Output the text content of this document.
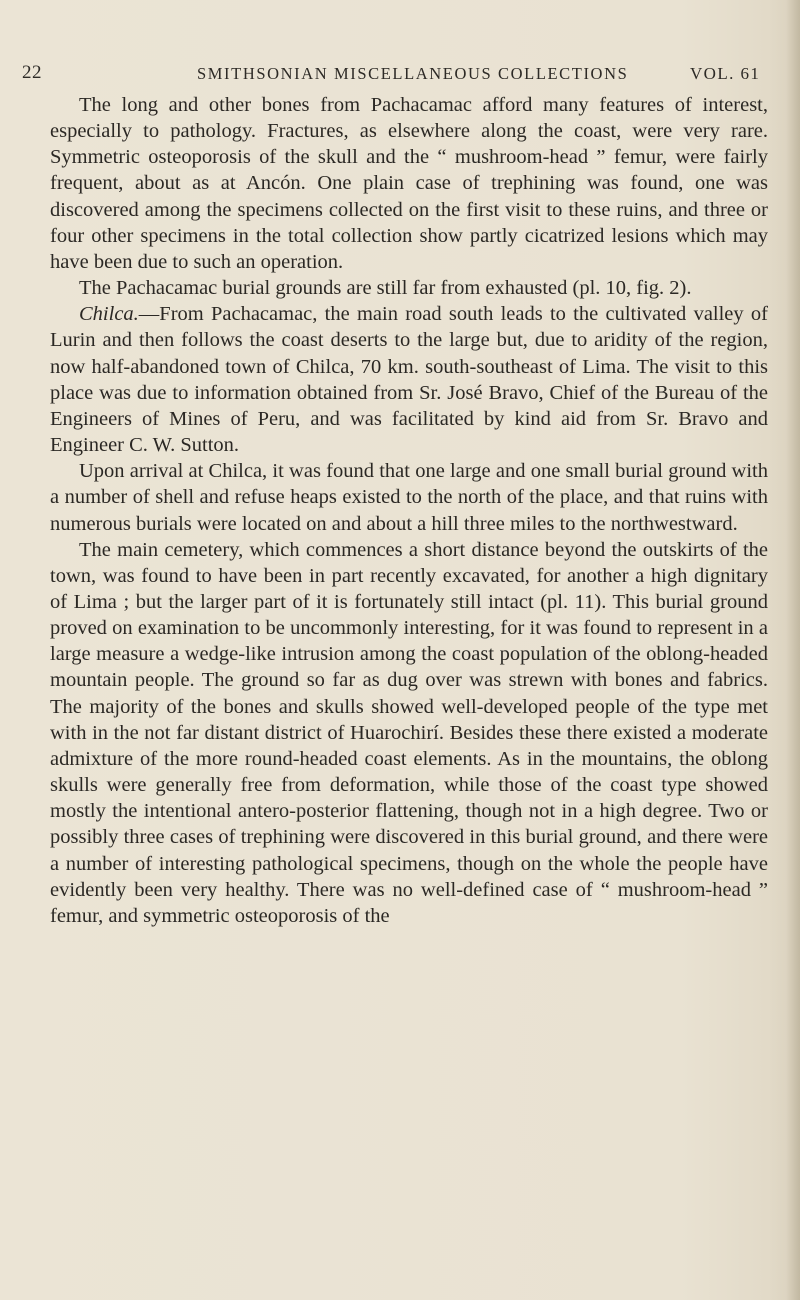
22	SMITHSONIAN MISCELLANEOUS COLLECTIONS	VOL. 61

The long and other bones from Pachacamac afford many features of interest, especially to pathology. Fractures, as elsewhere along the coast, were very rare. Symmetric osteoporosis of the skull and the “ mushroom-head ” femur, were fairly frequent, about as at Ancón. One plain case of trephining was found, one was discovered among the specimens collected on the first visit to these ruins, and three or four other specimens in the total collection show partly cicatrized lesions which may have been due to such an operation.

The Pachacamac burial grounds are still far from exhausted (pl. 10, fig. 2).

Chilca.—From Pachacamac, the main road south leads to the cultivated valley of Lurin and then follows the coast deserts to the large but, due to aridity of the region, now half-abandoned town of Chilca, 70 km. south-southeast of Lima. The visit to this place was due to information obtained from Sr. José Bravo, Chief of the Bureau of the Engineers of Mines of Peru, and was facilitated by kind aid from Sr. Bravo and Engineer C. W. Sutton.

Upon arrival at Chilca, it was found that one large and one small burial ground with a number of shell and refuse heaps existed to the north of the place, and that ruins with numerous burials were located on and about a hill three miles to the northwestward.

The main cemetery, which commences a short distance beyond the outskirts of the town, was found to have been in part recently excavated, for another a high dignitary of Lima ; but the larger part of it is fortunately still intact (pl. 11). This burial ground proved on examination to be uncommonly interesting, for it was found to represent in a large measure a wedge-like intrusion among the coast population of the oblong-headed mountain people. The ground so far as dug over was strewn with bones and fabrics. The majority of the bones and skulls showed well-developed people of the type met with in the not far distant district of Huarochirí. Besides these there existed a moderate admixture of the more round-headed coast elements. As in the mountains, the oblong skulls were generally free from deformation, while those of the coast type showed mostly the intentional antero-posterior flattening, though not in a high degree. Two or possibly three cases of trephining were discovered in this burial ground, and there were a number of interesting pathological specimens, though on the whole the people have evidently been very healthy. There was no well-defined case of “ mushroom-head ” femur, and symmetric osteoporosis of the
